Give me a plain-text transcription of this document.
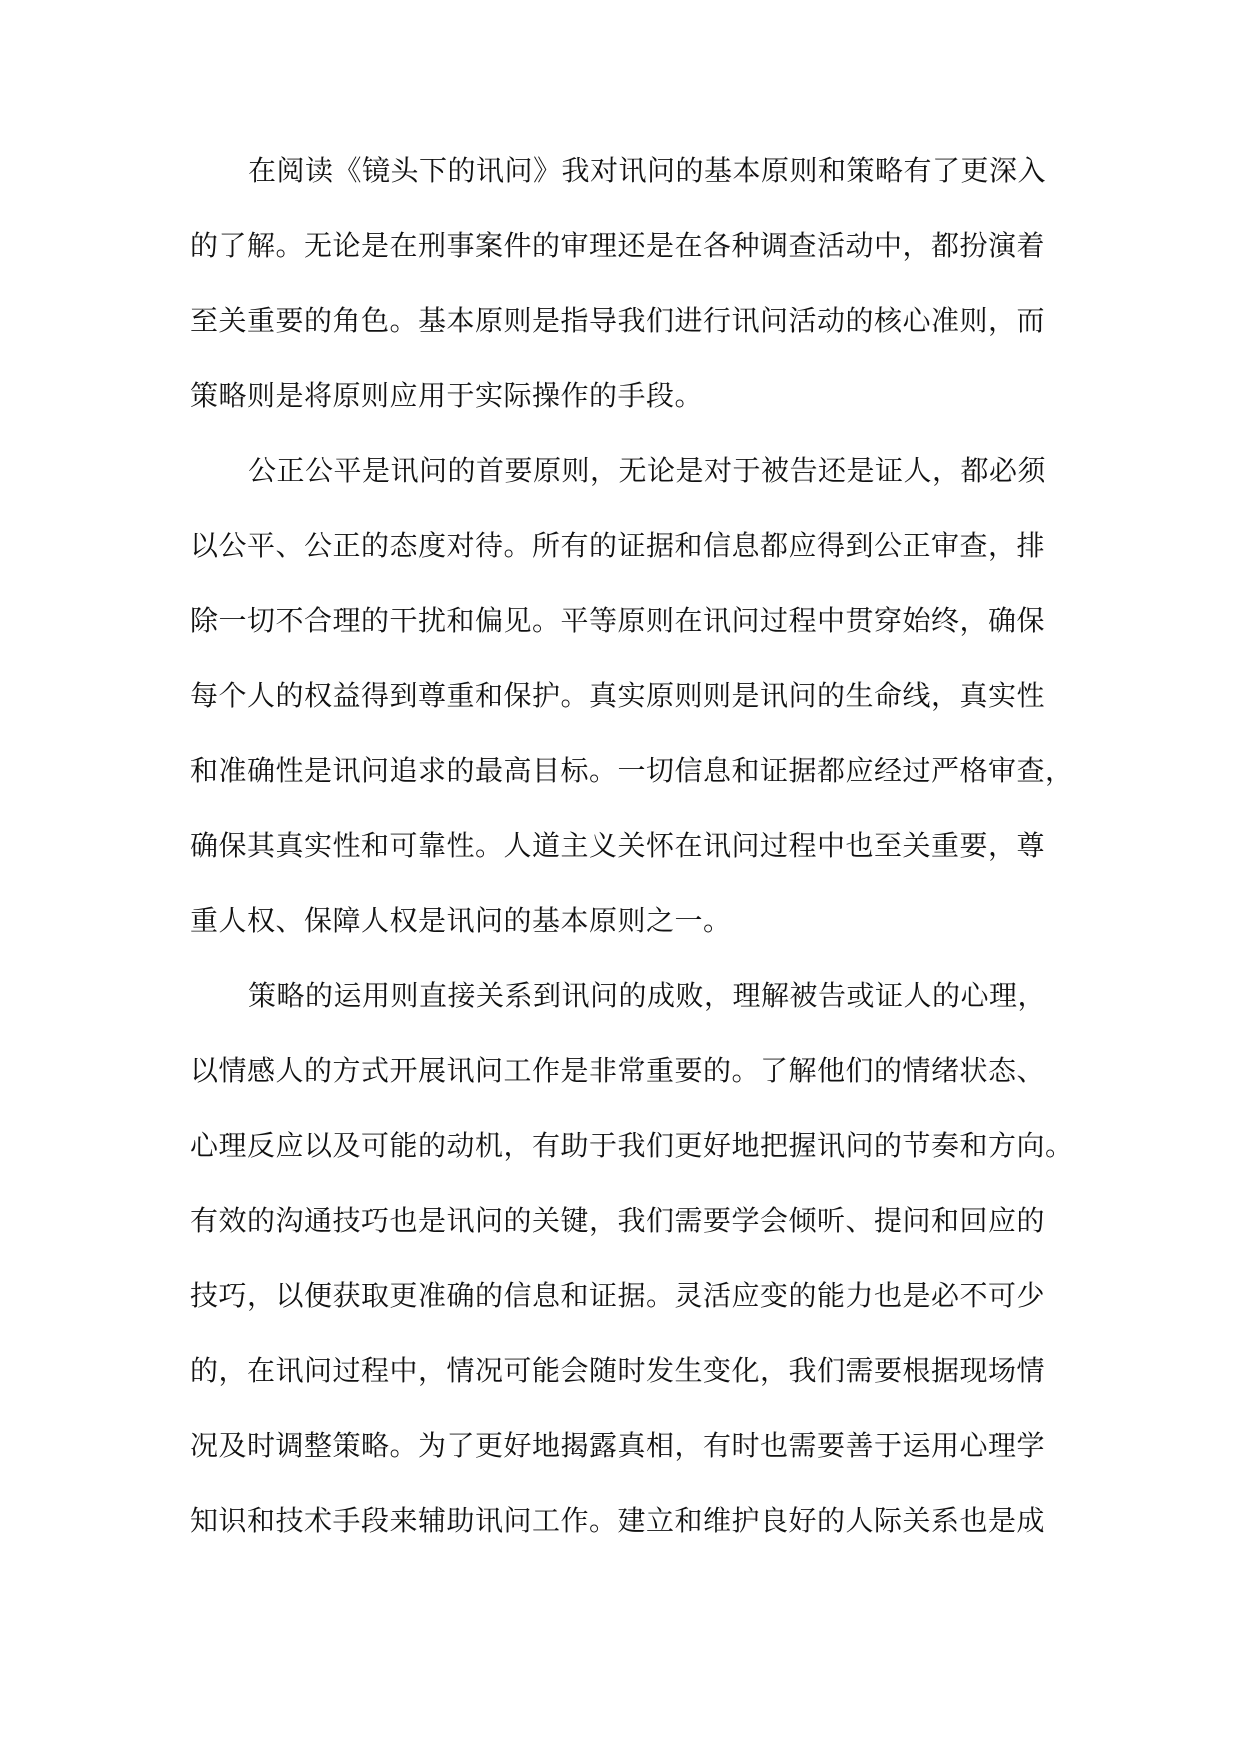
在阅读《镜头下的讯问》我对讯问的基本原则和策略有了更深入
的了解。无论是在刑事案件的审理还是在各种调查活动中，都扮演着
至关重要的角色。基本原则是指导我们进行讯问活动的核心准则，而
策略则是将原则应用于实际操作的手段。
公正公平是讯问的首要原则，无论是对于被告还是证人，都必须
以公平、公正的态度对待。所有的证据和信息都应得到公正审查，排
除一切不合理的干扰和偏见。平等原则在讯问过程中贯穿始终，确保
每个人的权益得到尊重和保护。真实原则则是讯问的生命线，真实性
和准确性是讯问追求的最高目标。一切信息和证据都应经过严格审查，
确保其真实性和可靠性。人道主义关怀在讯问过程中也至关重要，尊
重人权、保障人权是讯问的基本原则之一。
策略的运用则直接关系到讯问的成败，理解被告或证人的心理，
以情感人的方式开展讯问工作是非常重要的。了解他们的情绪状态、
心理反应以及可能的动机，有助于我们更好地把握讯问的节奏和方向。
有效的沟通技巧也是讯问的关键，我们需要学会倾听、提问和回应的
技巧，以便获取更准确的信息和证据。灵活应变的能力也是必不可少
的，在讯问过程中，情况可能会随时发生变化，我们需要根据现场情
况及时调整策略。为了更好地揭露真相，有时也需要善于运用心理学
知识和技术手段来辅助讯问工作。建立和维护良好的人际关系也是成
